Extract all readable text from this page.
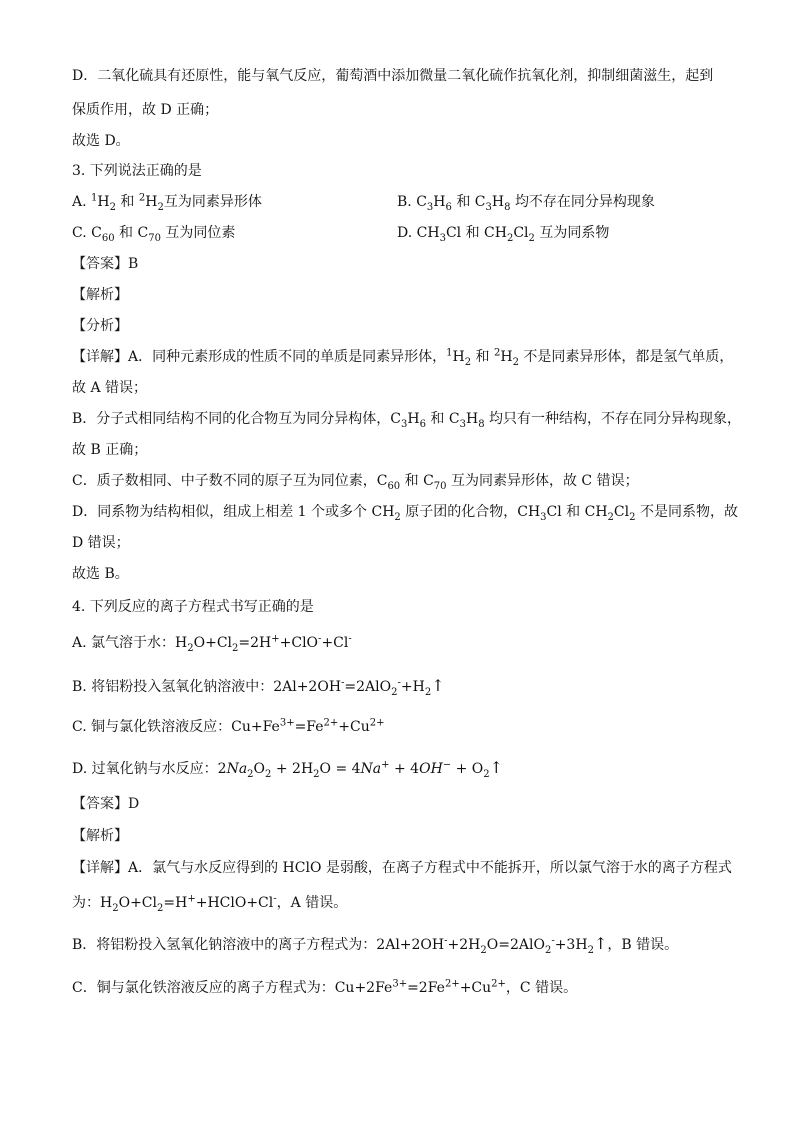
D．二氧化硫具有还原性，能与氧气反应，葡萄酒中添加微量二氧化硫作抗氧化剂，抑制细菌滋生，起到
保质作用，故 D 正确；
故选 D。
3. 下列说法正确的是
A. $^1H_2$ 和 $^2H_2$互为同素异形体	B. $C_3H_6$ 和 $C_3H_8$ 均不存在同分异构现象
C. $C_{60}$ 和 $C_{70}$ 互为同位素	D. $CH_3Cl$ 和 $CH_2Cl_2$ 互为同系物
【答案】B
【解析】
【分析】
【详解】A．同种元素形成的性质不同的单质是同素异形体，$^1H_2$ 和 $^2H_2$ 不是同素异形体，都是氢气单质，
故 A 错误；
B．分子式相同结构不同的化合物互为同分异构体，$C_3H_6$ 和 $C_3H_8$ 均只有一种结构，不存在同分异构现象，
故 B 正确；
C．质子数相同、中子数不同的原子互为同位素，$C_{60}$ 和 $C_{70}$ 互为同素异形体，故 C 错误；
D．同系物为结构相似，组成上相差 1 个或多个 $CH_2$ 原子团的化合物，$CH_3Cl$ 和 $CH_2Cl_2$ 不是同系物，故
D 错误；
故选 B。
4. 下列反应的离子方程式书写正确的是
A. 氯气溶于水：$H_2O+Cl_2=2H^++ClO^-+Cl^-$
B. 将铝粉投入氢氧化钠溶液中：$2Al+2OH^-=2AlO_2^-+H_2↑$
C. 铜与氯化铁溶液反应：$Cu+Fe^{3+}=Fe^{2+}+Cu^{2+}$
D. 过氧化钠与水反应：$2Na_2O_2 + 2H_2O = 4Na^+ + 4OH^-$ + $O_2↑$
【答案】D
【解析】
【详解】A．氯气与水反应得到的 HClO 是弱酸，在离子方程式中不能拆开，所以氯气溶于水的离子方程式
为：$H_2O+Cl_2=H^++HClO+Cl^-$，A 错误。
B．将铝粉投入氢氧化钠溶液中的离子方程式为：$2Al+2OH^-+2H_2O=2AlO_2^-+3H_2↑$，B 错误。
C．铜与氯化铁溶液反应的离子方程式为：$Cu+2Fe^{3+}=2Fe^{2+}+Cu^{2+}$，C 错误。
